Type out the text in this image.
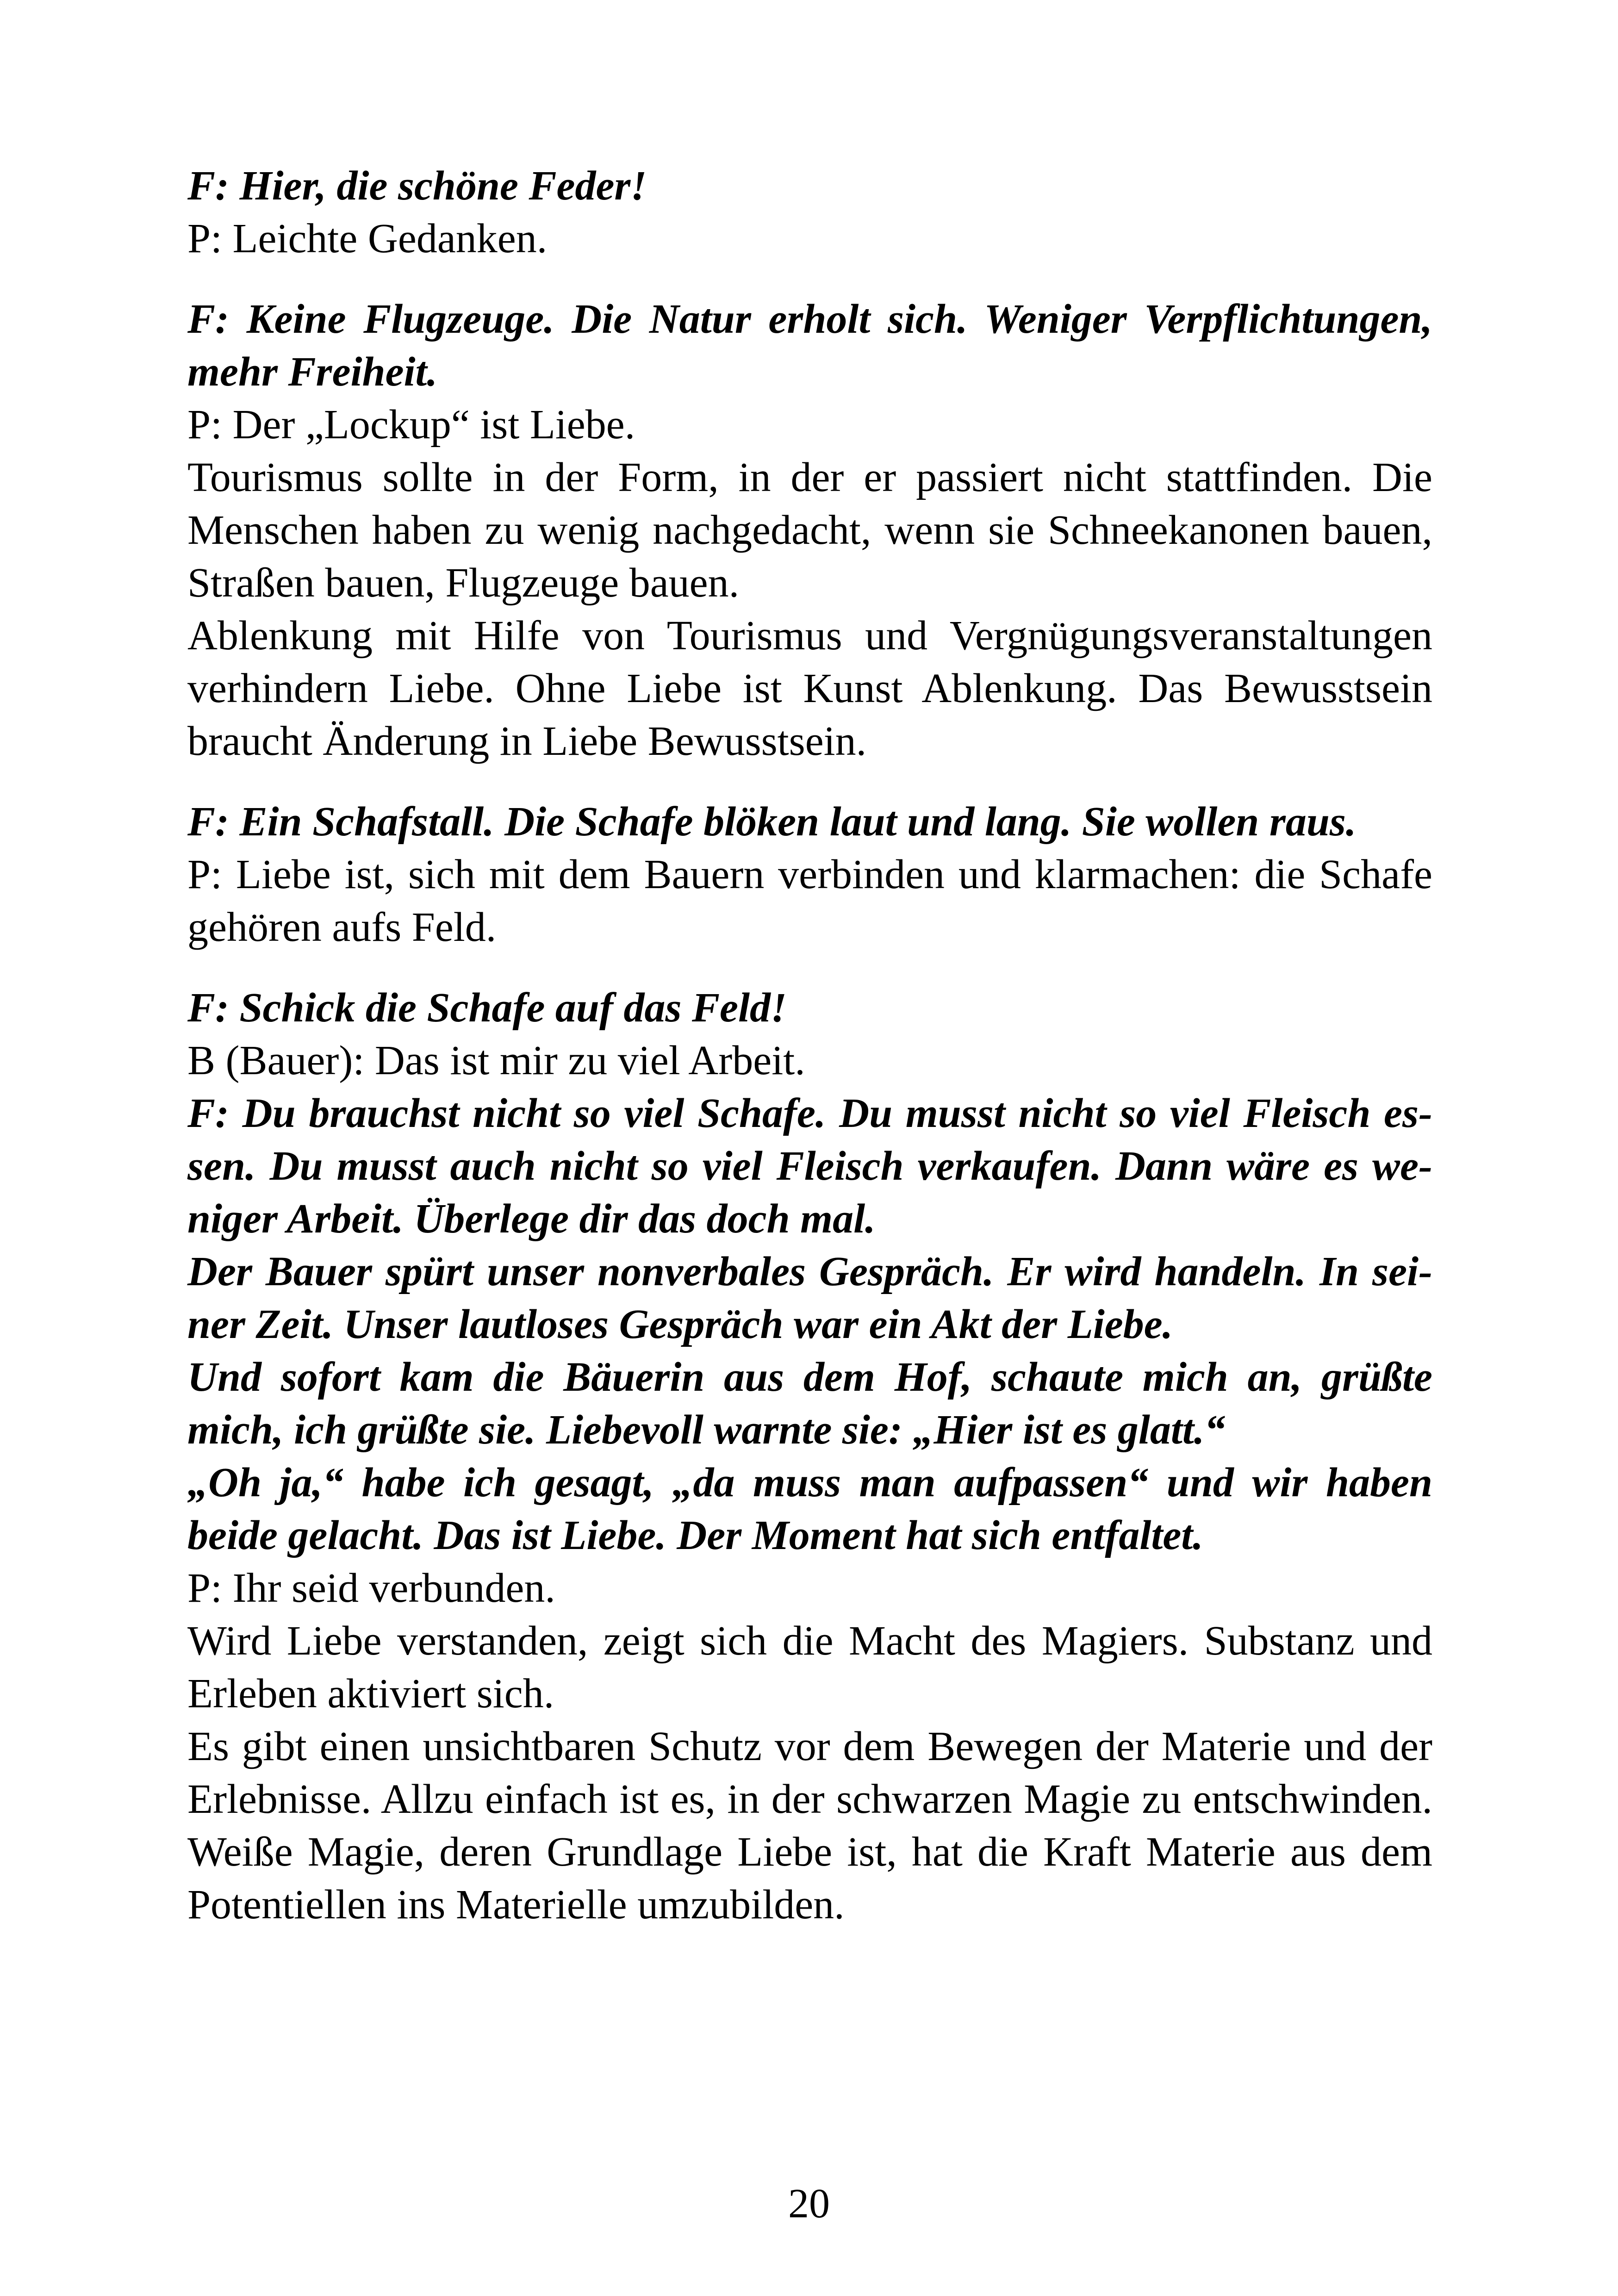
F: Hier, die schöne Feder!

P: Leichte Gedanken.

F: Keine Flugzeuge. Die Natur erholt sich. Weniger Verpflichtungen, mehr Freiheit.

P: Der „Lockup“ ist Liebe.

Tourismus sollte in der Form, in der er passiert nicht stattfinden. Die Menschen haben zu wenig nachgedacht, wenn sie Schneekanonen bauen, Straßen bauen, Flugzeuge bauen.

Ablenkung mit Hilfe von Tourismus und Vergnügungsveranstaltungen verhindern Liebe. Ohne Liebe ist Kunst Ablenkung. Das Bewusstsein braucht Änderung in Liebe Bewusstsein.

F: Ein Schafstall. Die Schafe blöken laut und lang. Sie wollen raus.

P: Liebe ist, sich mit dem Bauern verbinden und klarmachen: die Schafe gehören aufs Feld.

F: Schick die Schafe auf das Feld!

B (Bauer): Das ist mir zu viel Arbeit.

F: Du brauchst nicht so viel Schafe. Du musst nicht so viel Fleisch essen. Du musst auch nicht so viel Fleisch verkaufen. Dann wäre es weniger Arbeit. Überlege dir das doch mal.

Der Bauer spürt unser nonverbales Gespräch. Er wird handeln. In seiner Zeit. Unser lautloses Gespräch war ein Akt der Liebe.

Und sofort kam die Bäuerin aus dem Hof, schaute mich an, grüßte mich, ich grüßte sie. Liebevoll warnte sie: „Hier ist es glatt.“

„Oh ja,“ habe ich gesagt, „da muss man aufpassen“ und wir haben beide gelacht. Das ist Liebe. Der Moment hat sich entfaltet.

P: Ihr seid verbunden.

Wird Liebe verstanden, zeigt sich die Macht des Magiers. Substanz und Erleben aktiviert sich.

Es gibt einen unsichtbaren Schutz vor dem Bewegen der Materie und der Erlebnisse. Allzu einfach ist es, in der schwarzen Magie zu entschwinden. Weiße Magie, deren Grundlage Liebe ist, hat die Kraft Materie aus dem Potentiellen ins Materielle umzubilden.

20
